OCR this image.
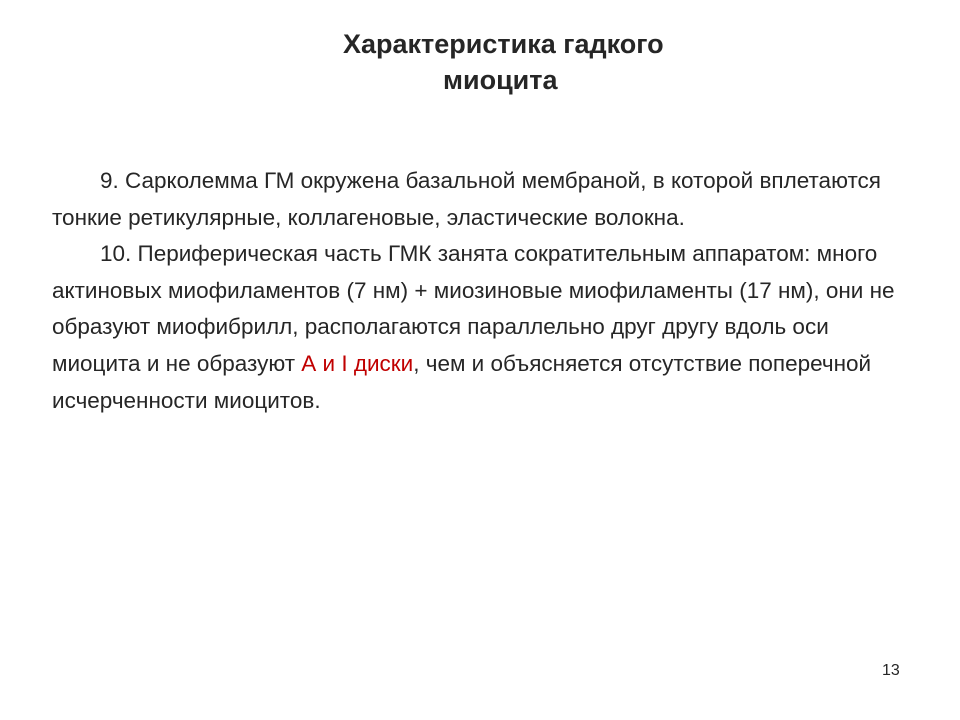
Характеристика гадкого
миоцита

9. Сарколемма ГМ окружена базальной мембраной, в которой вплетаются тонкие ретикулярные, коллагеновые, эластические волокна.

10. Периферическая часть ГМК занята сократительным аппаратом: много актиновых миофиламентов (7 нм) + миозиновые миофиламенты (17 нм), они не образуют миофибрилл, располагаются параллельно друг другу вдоль оси миоцита и не образуют А и I диски, чем и объясняется отсутствие поперечной исчерченности миоцитов.

13
